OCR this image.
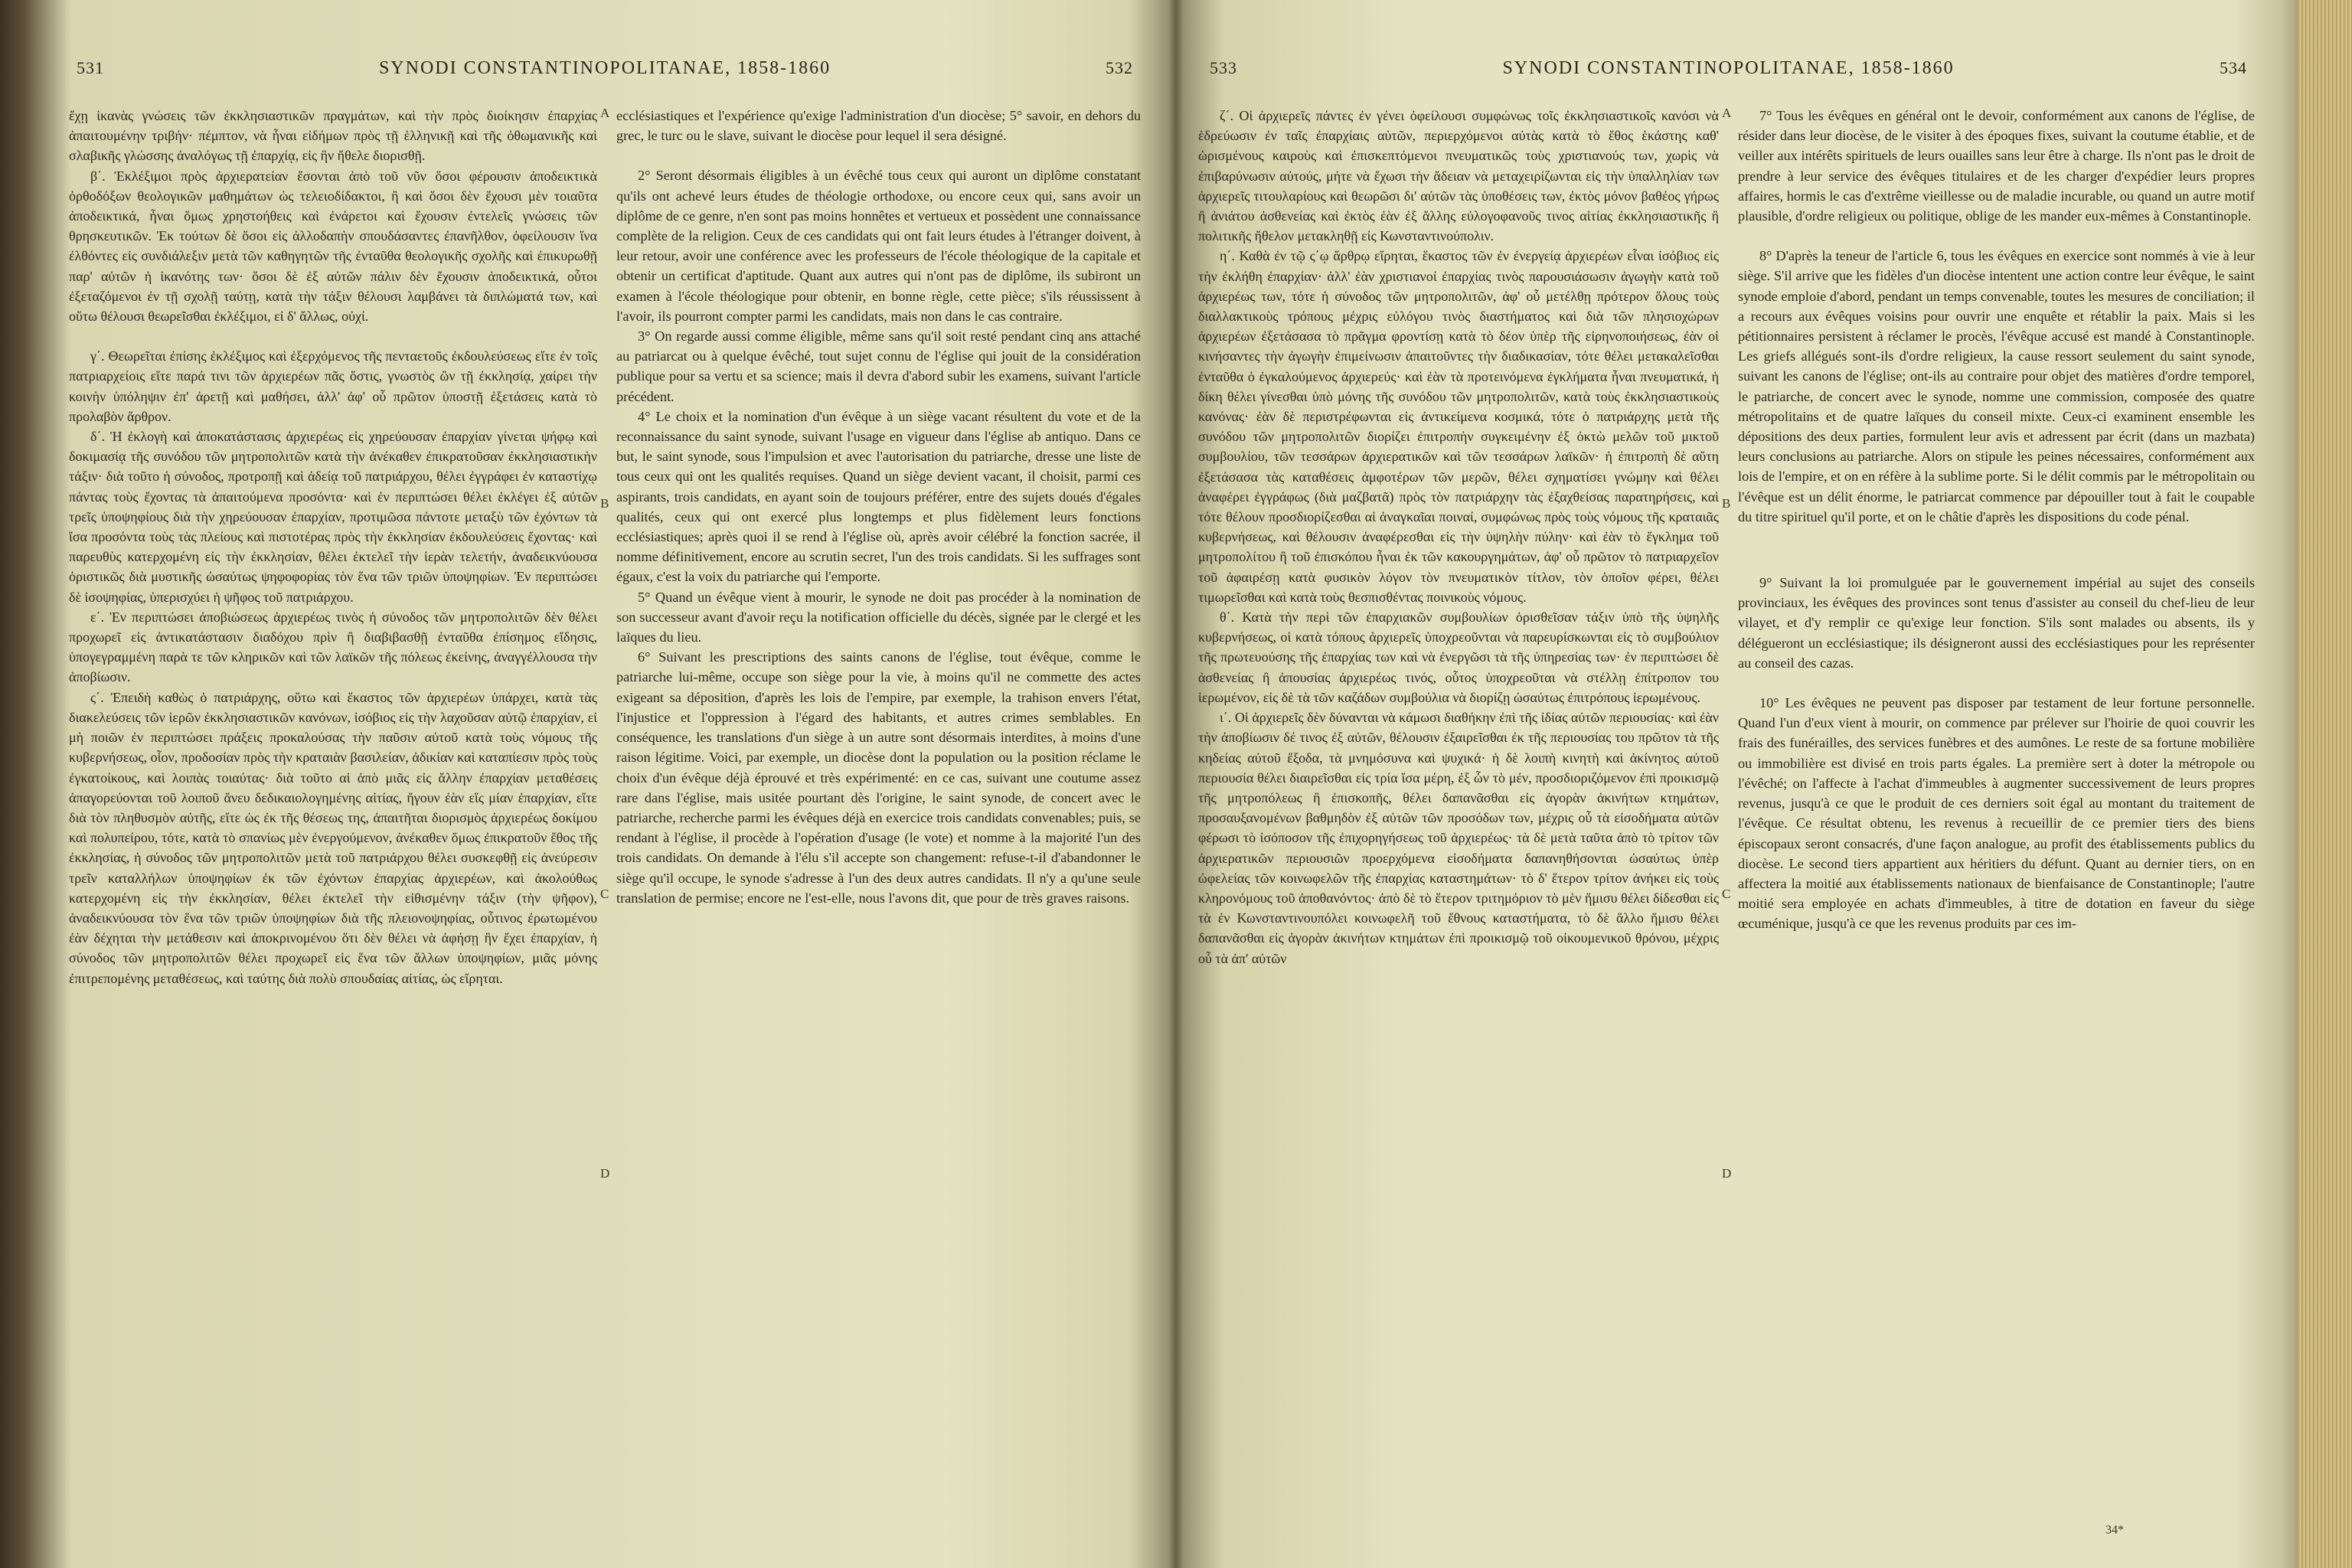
531	SYNODI CONSTANTINOPOLITANAE, 1858-1860	532

ἔχῃ ἱκανὰς γνώσεις τῶν ἐκκλησιαστικῶν πραγμάτων, καὶ τὴν πρὸς διοίκησιν ἐπαρχίας ἀπαιτουμένην τριβήν· πέμπτον, νὰ ἦναι εἰδήμων πρὸς τῇ ἑλληνικῇ καὶ τῆς ὀθωμανικῆς καὶ σλαβικῆς γλώσσης ἀναλόγως τῇ ἐπαρχίᾳ, εἰς ἣν ἤθελε διορισθῇ.

β΄. Ἐκλέξιμοι πρὸς ἀρχιερατείαν ἔσονται ἀπὸ τοῦ νῦν ὅσοι φέρουσιν ἀποδεικτικὰ ὀρθοδόξων θεολογικῶν μαθημάτων ὡς τελειοδίδακτοι, ἢ καὶ ὅσοι δὲν ἔχουσι μὲν τοιαῦτα ἀποδεικτικά, ἦναι ὅμως χρηστοήθεις καὶ ἐνάρετοι καὶ ἔχουσιν ἐντελεῖς γνώσεις τῶν θρησκευτικῶν. Ἐκ τούτων δὲ ὅσοι εἰς ἀλλοδαπὴν σπουδάσαντες ἐπανῆλθον, ὀφείλουσιν ἵνα ἐλθόντες εἰς συνδιάλεξιν μετὰ τῶν καθηγητῶν τῆς ἐνταῦθα θεολογικῆς σχολῆς καὶ ἐπικυρωθῇ παρ' αὐτῶν ἡ ἱκανότης των· ὅσοι δὲ ἐξ αὐτῶν πάλιν δὲν ἔχουσιν ἀποδεικτικά, οὗτοι ἐξεταζόμενοι ἐν τῇ σχολῇ ταύτῃ, κατὰ τὴν τάξιν θέλουσι λαμβάνει τὰ διπλώματά των, καὶ οὕτω θέλουσι θεωρεῖσθαι ἐκλέξιμοι, εἰ δ' ἄλλως, οὐχί.

γ΄. Θεωρεῖται ἐπίσης ἐκλέξιμος καὶ ἐξερχόμενος τῆς πενταετοῦς ἐκδουλεύσεως εἴτε ἐν τοῖς πατριαρχείοις εἴτε παρά τινι τῶν ἀρχιερέων πᾶς ὅστις, γνωστὸς ὢν τῇ ἐκκλησίᾳ, χαίρει τὴν κοινὴν ὑπόληψιν ἐπ' ἀρετῇ καὶ μαθήσει, ἀλλ' ἀφ' οὗ πρῶτον ὑποστῇ ἐξετάσεις κατὰ τὸ προλαβὸν ἄρθρον.

δ΄. Ἡ ἐκλογὴ καὶ ἀποκατάστασις ἀρχιερέως εἰς χηρεύουσαν ἐπαρχίαν γίνεται ψήφῳ καὶ δοκιμασίᾳ τῆς συνόδου τῶν μητροπολιτῶν κατὰ τὴν ἀνέκαθεν ἐπικρατοῦσαν ἐκκλησιαστικὴν τάξιν· διὰ τοῦτο ἡ σύνοδος, προτροπῇ καὶ ἀδείᾳ τοῦ πατριάρχου, θέλει ἐγγράφει ἐν καταστίχῳ πάντας τοὺς ἔχοντας τὰ ἀπαιτούμενα προσόντα· καὶ ἐν περιπτώσει θέλει ἐκλέγει ἐξ αὐτῶν τρεῖς ὑποψηφίους διὰ τὴν χηρεύουσαν ἐπαρχίαν, προτιμῶσα πάντοτε μεταξὺ τῶν ἐχόντων τὰ ἴσα προσόντα τοὺς τὰς πλείους καὶ πιστοτέρας πρὸς τὴν ἐκκλησίαν ἐκδουλεύσεις ἔχοντας· καὶ παρευθὺς κατερχομένη εἰς τὴν ἐκκλησίαν, θέλει ἐκτελεῖ τὴν ἱερὰν τελετήν, ἀναδεικνύουσα ὁριστικῶς διὰ μυστικῆς ὡσαύτως ψηφοφορίας τὸν ἕνα τῶν τριῶν ὑποψηφίων. Ἐν περιπτώσει δὲ ἰσοψηφίας, ὑπερισχύει ἡ ψῆφος τοῦ πατριάρχου.

ε΄. Ἐν περιπτώσει ἀποβιώσεως ἀρχιερέως τινὸς ἡ σύνοδος τῶν μητροπολιτῶν δὲν θέλει προχωρεῖ εἰς ἀντικατάστασιν διαδόχου πρὶν ἢ διαβιβασθῇ ἐνταῦθα ἐπίσημος εἴδησις, ὑπογεγραμμένη παρὰ τε τῶν κληρικῶν καὶ τῶν λαϊκῶν τῆς πόλεως ἐκείνης, ἀναγγέλλουσα τὴν ἀποβίωσιν.

ς΄. Ἐπειδὴ καθὼς ὁ πατριάρχης, οὕτω καὶ ἕκαστος τῶν ἀρχιερέων ὑπάρχει, κατὰ τὰς διακελεύσεις τῶν ἱερῶν ἐκκλησιαστικῶν κανόνων, ἰσόβιος εἰς τὴν λαχοῦσαν αὐτῷ ἐπαρχίαν, εἰ μὴ ποιῶν ἐν περιπτώσει πράξεις προκαλούσας τὴν παῦσιν αὐτοῦ κατὰ τοὺς νόμους τῆς κυβερνήσεως, οἷον, προδοσίαν πρὸς τὴν κραταιὰν βασιλείαν, ἀδικίαν καὶ καταπίεσιν πρὸς τοὺς ἐγκατοίκους, καὶ λοιπὰς τοιαύτας· διὰ τοῦτο αἱ ἀπὸ μιᾶς εἰς ἄλλην ἐπαρχίαν μεταθέσεις ἀπαγορεύονται τοῦ λοιποῦ ἄνευ δεδικαιολογημένης αἰτίας, ἤγουν ἐὰν εἴς μίαν ἐπαρχίαν, εἴτε διὰ τὸν πληθυσμὸν αὐτῆς, εἴτε ὡς ἐκ τῆς θέσεως της, ἀπαιτῆται διορισμὸς ἀρχιερέως δοκίμου καὶ πολυπείρου, τότε, κατὰ τὸ σπανίως μὲν ἐνεργούμενον, ἀνέκαθεν ὅμως ἐπικρατοῦν ἔθος τῆς ἐκκλησίας, ἡ σύνοδος τῶν μητροπολιτῶν μετὰ τοῦ πατριάρχου θέλει συσκεφθῇ εἰς ἀνεύρεσιν τρεῖν καταλλήλων ὑποψηφίων ἐκ τῶν ἐχόντων ἐπαρχίας ἀρχιερέων, καὶ ἀκολούθως κατερχομένη εἰς τὴν ἐκκλησίαν, θέλει ἐκτελεῖ τὴν εἰθισμένην τάξιν (τὴν ψῆφον), ἀναδεικνύουσα τὸν ἕνα τῶν τριῶν ὑποψηφίων διὰ τῆς πλειονοψηφίας, οὗτινος ἐρωτωμένου ἐὰν δέχηται τὴν μετάθεσιν καὶ ἀποκρινομένου ὅτι δὲν θέλει νὰ ἀφήσῃ ἣν ἔχει ἐπαρχίαν, ἡ σύνοδος τῶν μητροπολιτῶν θέλει προχωρεῖ εἰς ἕνα τῶν ἄλλων ὑποψηφίων, μιᾶς μόνης ἐπιτρεπομένης μεταθέσεως, καὶ ταύτης διὰ πολὺ σπουδαίας αἰτίας, ὡς εἴρηται.

ecclésiastiques et l'expérience qu'exige l'administration d'un diocèse; 5° savoir, en dehors du grec, le turc ou le slave, suivant le diocèse pour lequel il sera désigné.

2° Seront désormais éligibles à un évêché tous ceux qui auront un diplôme constatant qu'ils ont achevé leurs études de théologie orthodoxe, ou encore ceux qui, sans avoir un diplôme de ce genre, n'en sont pas moins honnêtes et vertueux et possèdent une connaissance complète de la religion. Ceux de ces candidats qui ont fait leurs études à l'étranger doivent, à leur retour, avoir une conférence avec les professeurs de l'école théologique de la capitale et obtenir un certificat d'aptitude. Quant aux autres qui n'ont pas de diplôme, ils subiront un examen à l'école théologique pour obtenir, en bonne règle, cette pièce; s'ils réussissent à l'avoir, ils pourront compter parmi les candidats, mais non dans le cas contraire.

3° On regarde aussi comme éligible, même sans qu'il soit resté pendant cinq ans attaché au patriarcat ou à quelque évêché, tout sujet connu de l'église qui jouit de la considération publique pour sa vertu et sa science; mais il devra d'abord subir les examens, suivant l'article précédent.

4° Le choix et la nomination d'un évêque à un siège vacant résultent du vote et de la reconnaissance du saint synode, suivant l'usage en vigueur dans l'église ab antiquo. Dans ce but, le saint synode, sous l'impulsion et avec l'autorisation du patriarche, dresse une liste de tous ceux qui ont les qualités requises. Quand un siège devient vacant, il choisit, parmi ces aspirants, trois candidats, en ayant soin de toujours préférer, entre des sujets doués d'égales qualités, ceux qui ont exercé plus longtemps et plus fidèlement leurs fonctions ecclésiastiques; après quoi il se rend à l'église où, après avoir célébré la fonction sacrée, il nomme définitivement, encore au scrutin secret, l'un des trois candidats. Si les suffrages sont égaux, c'est la voix du patriarche qui l'emporte.

5° Quand un évêque vient à mourir, le synode ne doit pas procéder à la nomination de son successeur avant d'avoir reçu la notification officielle du décès, signée par le clergé et les laïques du lieu.

6° Suivant les prescriptions des saints canons de l'église, tout évêque, comme le patriarche lui-même, occupe son siège pour la vie, à moins qu'il ne commette des actes exigeant sa déposition, d'après les lois de l'empire, par exemple, la trahison envers l'état, l'injustice et l'oppression à l'égard des habitants, et autres crimes semblables. En conséquence, les translations d'un siège à un autre sont désormais interdites, à moins d'une raison légitime. Voici, par exemple, un diocèse dont la population ou la position réclame le choix d'un évêque déjà éprouvé et très expérimenté: en ce cas, suivant une coutume assez rare dans l'église, mais usitée pourtant dès l'origine, le saint synode, de concert avec le patriarche, recherche parmi les évêques déjà en exercice trois candidats convenables; puis, se rendant à l'église, il procède à l'opération d'usage (le vote) et nomme à la majorité l'un des trois candidats. On demande à l'élu s'il accepte son changement: refuse-t-il d'abandonner le siège qu'il occupe, le synode s'adresse à l'un des deux autres candidats. Il n'y a qu'une seule translation de permise; encore ne l'est-elle, nous l'avons dit, que pour de très graves raisons.

A
B
C
D
533	SYNODI CONSTANTINOPOLITANAE, 1858-1860	534

ζ΄. Οἱ ἀρχιερεῖς πάντες ἐν γένει ὀφείλουσι συμφώνως τοῖς ἐκκλησιαστικοῖς κανόσι νὰ ἑδρεύωσιν ἐν ταῖς ἐπαρχίαις αὐτῶν, περιερχόμενοι αὐτὰς κατὰ τὸ ἔθος ἑκάστης καθ' ὡρισμένους καιροὺς καὶ ἐπισκεπτόμενοι πνευματικῶς τοὺς χριστιανούς των, χωρὶς νὰ ἐπιβαρύνωσιν αὐτούς, μήτε νὰ ἔχωσι τὴν ἄδειαν νὰ μεταχειρίζωνται εἰς τὴν ὑπαλληλίαν των ἀρχιερεῖς τιτουλαρίους καὶ θεωρῶσι δι' αὐτῶν τὰς ὑποθέσεις των, ἐκτὸς μόνον βαθέος γήρως ἢ ἀνιάτου ἀσθενείας καὶ ἐκτὸς ἐὰν ἐξ ἄλλης εὐλογοφανοῦς τινος αἰτίας ἐκκλησιαστικῆς ἢ πολιτικῆς ἤθελον μετακληθῇ εἰς Κωνσταντινούπολιν.

η΄. Καθὰ ἐν τῷ ς΄ῳ ἄρθρῳ εἴρηται, ἕκαστος τῶν ἐν ἐνεργείᾳ ἀρχιερέων εἶναι ἰσόβιος εἰς τὴν ἐκλήθη ἐπαρχίαν· ἀλλ' ἐὰν χριστιανοί ἐπαρχίας τινὸς παρουσιάσωσιν ἀγωγὴν κατὰ τοῦ ἀρχιερέως των, τότε ἡ σύνοδος τῶν μητροπολιτῶν, ἀφ' οὗ μετέλθῃ πρότερον ὅλους τοὺς διαλλακτικοὺς τρόπους μέχρις εὐλόγου τινὸς διαστήματος καὶ διὰ τῶν πλησιοχώρων ἀρχιερέων ἐξετάσασα τὸ πρᾶγμα φροντίσῃ κατὰ τὸ δέον ὑπὲρ τῆς εἰρηνοποιήσεως, ἐὰν οἱ κινήσαντες τὴν ἀγωγὴν ἐπιμείνωσιν ἀπαιτοῦντες τὴν διαδικασίαν, τότε θέλει μετακαλεῖσθαι ἐνταῦθα ὁ ἐγκαλούμενος ἀρχιερεύς· καὶ ἐὰν τὰ προτεινόμενα ἐγκλήματα ἦναι πνευματικά, ἡ δίκη θέλει γίνεσθαι ὑπὸ μόνης τῆς συνόδου τῶν μητροπολιτῶν, κατὰ τοὺς ἐκκλησιαστικοὺς κανόνας· ἐὰν δὲ περιστρέφωνται εἰς ἀντικείμενα κοσμικά, τότε ὁ πατριάρχης μετὰ τῆς συνόδου τῶν μητροπολιτῶν διορίζει ἐπιτροπὴν συγκειμένην ἐξ ὀκτὼ μελῶν τοῦ μικτοῦ συμβουλίου, τῶν τεσσάρων ἀρχιερατικῶν καὶ τῶν τεσσάρων λαϊκῶν· ἡ ἐπιτροπὴ δὲ αὕτη ἐξετάσασα τὰς καταθέσεις ἀμφοτέρων τῶν μερῶν, θέλει σχηματίσει γνώμην καὶ θέλει ἀναφέρει ἐγγράφως (διὰ μαζβατᾶ) πρὸς τὸν πατριάρχην τὰς ἐξαχθείσας παρατηρήσεις, καὶ τότε θέλουν προσδιορίζεσθαι αἱ ἀναγκαῖαι ποιναί, συμφώνως πρὸς τοὺς νόμους τῆς κραταιᾶς κυβερνήσεως, καὶ θέλουσιν ἀναφέρεσθαι εἰς τὴν ὑψηλὴν πύλην· καὶ ἐὰν τὸ ἔγκλημα τοῦ μητροπολίτου ἢ τοῦ ἐπισκόπου ἦναι ἐκ τῶν κακουργημάτων, ἀφ' οὗ πρῶτον τὸ πατριαρχεῖον τοῦ ἀφαιρέσῃ κατὰ φυσικὸν λόγον τὸν πνευματικὸν τίτλον, τὸν ὁποῖον φέρει, θέλει τιμωρεῖσθαι καὶ κατὰ τοὺς θεσπισθέντας ποινικοὺς νόμους.

θ΄. Κατὰ τὴν περὶ τῶν ἐπαρχιακῶν συμβουλίων ὁρισθεῖσαν τάξιν ὑπὸ τῆς ὑψηλῆς κυβερνήσεως, οἱ κατὰ τόπους ἀρχιερεῖς ὑποχρεοῦνται νὰ παρευρίσκωνται εἰς τὸ συμβούλιον τῆς πρωτευούσης τῆς ἐπαρχίας των καὶ νὰ ἐνεργῶσι τὰ τῆς ὑπηρεσίας των· ἐν περιπτώσει δὲ ἀσθενείας ἢ ἀπουσίας ἀρχιερέως τινός, οὗτος ὑποχρεοῦται νὰ στέλλῃ ἐπίτροπον του ἱερωμένον, εἰς δὲ τὰ τῶν καζάδων συμβούλια νὰ διορίζῃ ὡσαύτως ἐπιτρόπους ἱερωμένους.

ι΄. Οἱ ἀρχιερεῖς δὲν δύνανται νὰ κάμωσι διαθήκην ἐπὶ τῆς ἰδίας αὐτῶν περιουσίας· καὶ ἐὰν τὴν ἀποβίωσιν δέ τινος ἐξ αὐτῶν, θέλουσιν ἐξαιρεῖσθαι ἐκ τῆς περιουσίας του πρῶτον τὰ τῆς κηδείας αὐτοῦ ἔξοδα, τὰ μνημόσυνα καὶ ψυχικά· ἡ δὲ λοιπὴ κινητὴ καὶ ἀκίνητος αὐτοῦ περιουσία θέλει διαιρεῖσθαι εἰς τρία ἴσα μέρη, ἐξ ὧν τὸ μέν, προσδιοριζόμενον ἐπὶ προικισμῷ τῆς μητροπόλεως ἢ ἐπισκοπῆς, θέλει δαπανᾶσθαι εἰς ἀγορὰν ἀκινήτων κτημάτων, προσαυξανομένων βαθμηδὸν ἐξ αὐτῶν τῶν προσόδων των, μέχρις οὗ τὰ εἰσοδήματα αὐτῶν φέρωσι τὸ ἰσόποσον τῆς ἐπιχορηγήσεως τοῦ ἀρχιερέως· τὰ δὲ μετὰ ταῦτα ἀπὸ τὸ τρίτον τῶν ἀρχιερατικῶν περιουσιῶν προερχόμενα εἰσοδήματα δαπανηθήσονται ὡσαύτως ὑπὲρ ὠφελείας τῶν κοινωφελῶν τῆς ἐπαρχίας καταστημάτων· τὸ δ' ἕτερον τρίτον ἀνήκει εἰς τοὺς κληρονόμους τοῦ ἀποθανόντος· ἀπὸ δὲ τὸ ἕτερον τριτημόριον τὸ μὲν ἥμισυ θέλει δίδεσθαι εἰς τὰ ἐν Κωνσταντινουπόλει κοινωφελῆ τοῦ ἔθνους καταστήματα, τὸ δὲ ἄλλο ἥμισυ θέλει δαπανᾶσθαι εἰς ἀγορὰν ἀκινήτων κτημάτων ἐπὶ προικισμῷ τοῦ οἰκουμενικοῦ θρόνου, μέχρις οὗ τὰ ἀπ' αὐτῶν

7° Tous les évêques en général ont le devoir, conformément aux canons de l'église, de résider dans leur diocèse, de le visiter à des époques fixes, suivant la coutume établie, et de veiller aux intérêts spirituels de leurs ouailles sans leur être à charge. Ils n'ont pas le droit de prendre à leur service des évêques titulaires et de les charger d'expédier leurs propres affaires, hormis le cas d'extrême vieillesse ou de maladie incurable, ou quand un autre motif plausible, d'ordre religieux ou politique, oblige de les mander eux-mêmes à Constantinople.

8° D'après la teneur de l'article 6, tous les évêques en exercice sont nommés à vie à leur siège. S'il arrive que les fidèles d'un diocèse intentent une action contre leur évêque, le saint synode emploie d'abord, pendant un temps convenable, toutes les mesures de conciliation; il a recours aux évêques voisins pour ouvrir une enquête et rétablir la paix. Mais si les pétitionnaires persistent à réclamer le procès, l'évêque accusé est mandé à Constantinople. Les griefs allégués sont-ils d'ordre religieux, la cause ressort seulement du saint synode, suivant les canons de l'église; ont-ils au contraire pour objet des matières d'ordre temporel, le patriarche, de concert avec le synode, nomme une commission, composée des quatre métropolitains et de quatre laïques du conseil mixte. Ceux-ci examinent ensemble les dépositions des deux parties, formulent leur avis et adressent par écrit (dans un mazbata) leurs conclusions au patriarche. Alors on stipule les peines nécessaires, conformément aux lois de l'empire, et on en réfère à la sublime porte. Si le délit commis par le métropolitain ou l'évêque est un délit énorme, le patriarcat commence par dépouiller tout à fait le coupable du titre spirituel qu'il porte, et on le châtie d'après les dispositions du code pénal.

9° Suivant la loi promulguée par le gouvernement impérial au sujet des conseils provinciaux, les évêques des provinces sont tenus d'assister au conseil du chef-lieu de leur vilayet, et d'y remplir ce qu'exige leur fonction. S'ils sont malades ou absents, ils y délégueront un ecclésiastique; ils désigneront aussi des ecclésiastiques pour les représenter au conseil des cazas.

10° Les évêques ne peuvent pas disposer par testament de leur fortune personnelle. Quand l'un d'eux vient à mourir, on commence par prélever sur l'hoirie de quoi couvrir les frais des funérailles, des services funèbres et des aumônes. Le reste de sa fortune mobilière ou immobilière est divisé en trois parts égales. La première sert à doter la métropole ou l'évêché; on l'affecte à l'achat d'immeubles à augmenter successivement de leurs propres revenus, jusqu'à ce que le produit de ces derniers soit égal au montant du traitement de l'évêque. Ce résultat obtenu, les revenus à recueillir de ce premier tiers des biens épiscopaux seront consacrés, d'une façon analogue, au profit des établissements publics du diocèse. Le second tiers appartient aux héritiers du défunt. Quant au dernier tiers, on en affectera la moitié aux établissements nationaux de bienfaisance de Constantinople; l'autre moitié sera employée en achats d'immeubles, à titre de dotation en faveur du siège œcuménique, jusqu'à ce que les revenus produits par ces im-

A
B
C
D
34*
